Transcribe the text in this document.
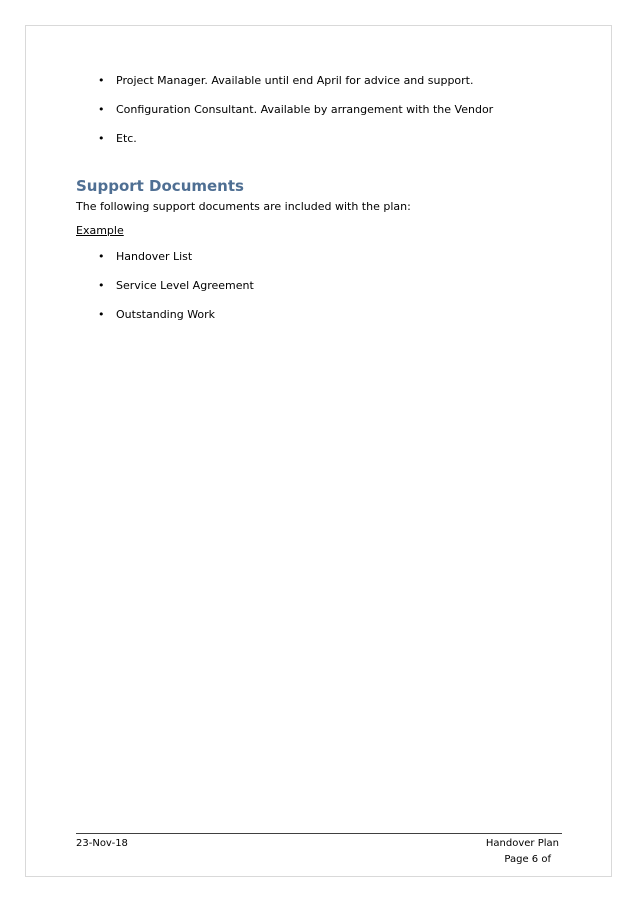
• Project Manager. Available until end April for advice and support.
• Configuration Consultant. Available by arrangement with the Vendor
• Etc.
Support Documents

The following support documents are included with the plan:

Example
• Handover List
• Service Level Agreement
• Outstanding Work
23-Nov-18	Handover Plan
Page 6 of
